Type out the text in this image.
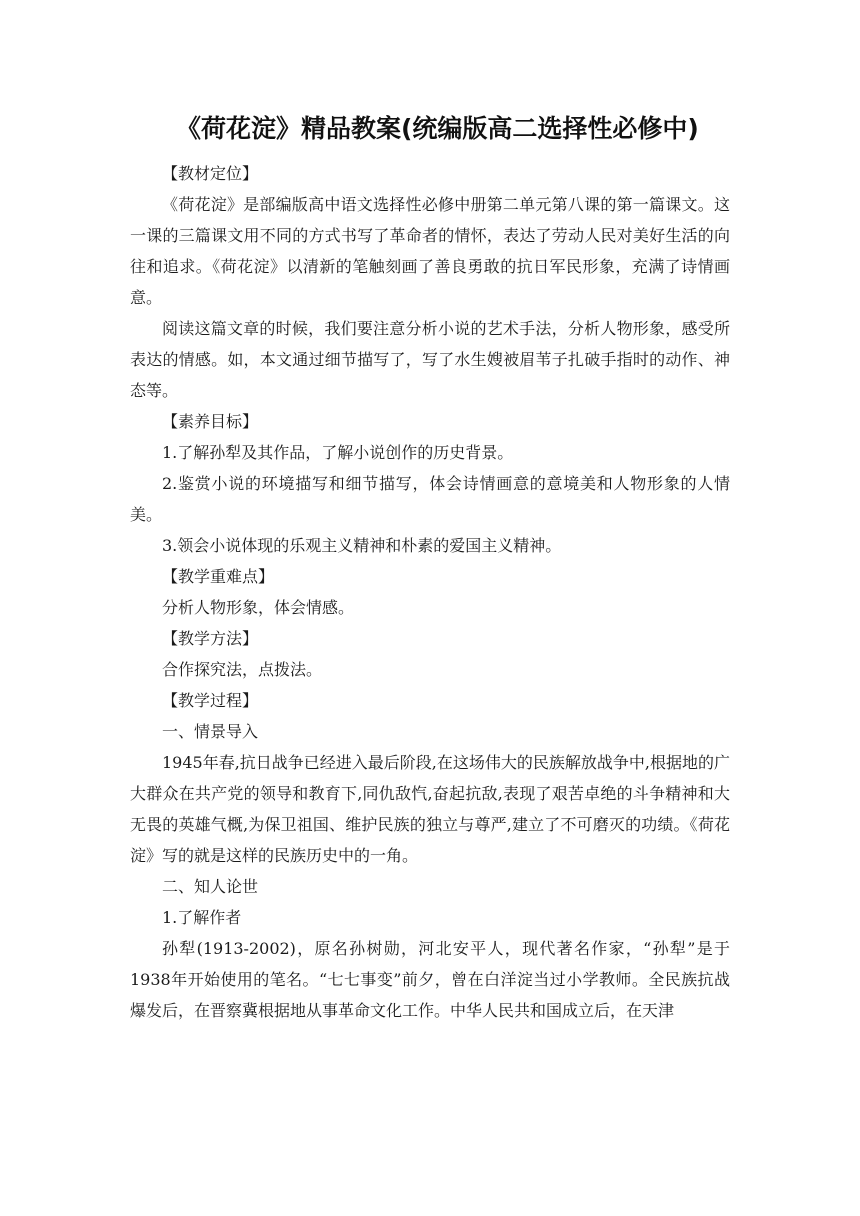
《荷花淀》精品教案(统编版高二选择性必修中)
【教材定位】

《荷花淀》是部编版高中语文选择性必修中册第二单元第八课的第一篇课文。这一课的三篇课文用不同的方式书写了革命者的情怀，表达了劳动人民对美好生活的向往和追求。《荷花淀》以清新的笔触刻画了善良勇敢的抗日军民形象，充满了诗情画意。

阅读这篇文章的时候，我们要注意分析小说的艺术手法，分析人物形象，感受所表达的情感。如，本文通过细节描写了，写了水生嫂被眉苇子扎破手指时的动作、神态等。

【素养目标】

1.了解孙犁及其作品，了解小说创作的历史背景。

2.鉴赏小说的环境描写和细节描写，体会诗情画意的意境美和人物形象的人情美。

3.领会小说体现的乐观主义精神和朴素的爱国主义精神。

【教学重难点】

分析人物形象，体会情感。

【教学方法】

合作探究法，点拨法。

【教学过程】
一、情景导入

1945年春,抗日战争已经进入最后阶段,在这场伟大的民族解放战争中,根据地的广大群众在共产党的领导和教育下,同仇敌忾,奋起抗敌,表现了艰苦卓绝的斗争精神和大无畏的英雄气概,为保卫祖国、维护民族的独立与尊严,建立了不可磨灭的功绩。《荷花淀》写的就是这样的民族历史中的一角。

二、知人论世
1.了解作者

孙犁(1913-2002)，原名孙树勋，河北安平人，现代著名作家，“孙犁”是于1938年开始使用的笔名。“七七事变”前夕，曾在白洋淀当过小学教师。全民族抗战爆发后，在晋察冀根据地从事革命文化工作。中华人民共和国成立后，在天津
